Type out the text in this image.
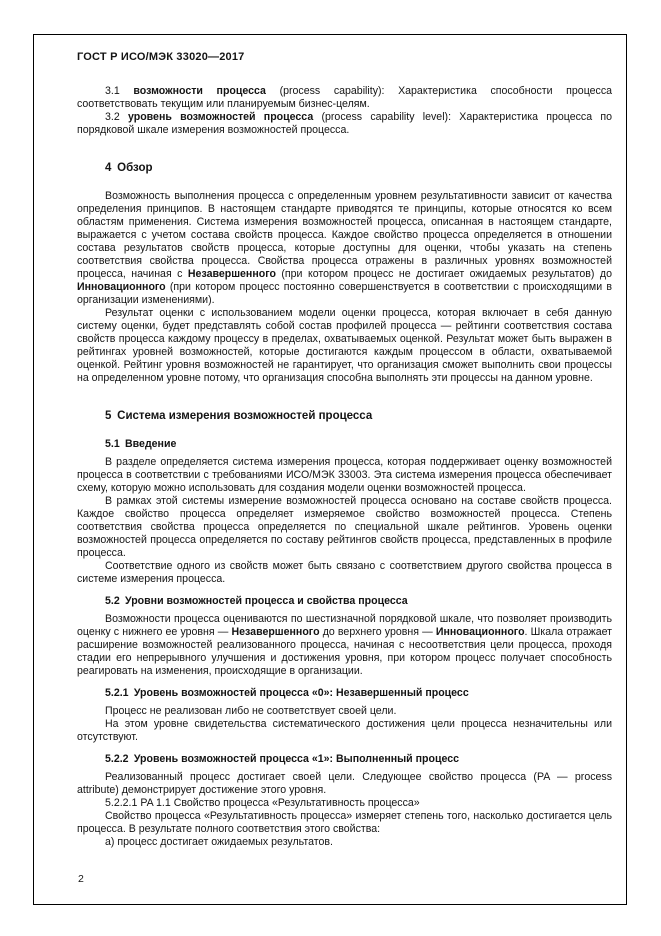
ГОСТ Р ИСО/МЭК 33020—2017

3.1 возможности процесса (process capability): Характеристика способности процесса соответствовать текущим или планируемым бизнес-целям.

3.2 уровень возможностей процесса (process capability level): Характеристика процесса по порядковой шкале измерения возможностей процесса.

4 Обзор

Возможность выполнения процесса с определенным уровнем результативности зависит от качества определения принципов. В настоящем стандарте приводятся те принципы, которые относятся ко всем областям применения. Система измерения возможностей процесса, описанная в настоящем стандарте, выражается с учетом состава свойств процесса. Каждое свойство процесса определяется в отношении состава результатов свойств процесса, которые доступны для оценки, чтобы указать на степень соответствия свойства процесса. Свойства процесса отражены в различных уровнях возможностей процесса, начиная с Незавершенного (при котором процесс не достигает ожидаемых результатов) до Инновационного (при котором процесс постоянно совершенствуется в соответствии с происходящими в организации изменениями).

Результат оценки с использованием модели оценки процесса, которая включает в себя данную систему оценки, будет представлять собой состав профилей процесса — рейтинги соответствия состава свойств процесса каждому процессу в пределах, охватываемых оценкой. Результат может быть выражен в рейтингах уровней возможностей, которые достигаются каждым процессом в области, охватываемой оценкой. Рейтинг уровня возможностей не гарантирует, что организация сможет выполнить свои процессы на определенном уровне потому, что организация способна выполнять эти процессы на данном уровне.

5 Система измерения возможностей процесса
5.1 Введение

В разделе определяется система измерения процесса, которая поддерживает оценку возможностей процесса в соответствии с требованиями ИСО/МЭК 33003. Эта система измерения процесса обеспечивает схему, которую можно использовать для создания модели оценки возможностей процесса.

В рамках этой системы измерение возможностей процесса основано на составе свойств процесса. Каждое свойство процесса определяет измеряемое свойство возможностей процесса. Степень соответствия свойства процесса определяется по специальной шкале рейтингов. Уровень оценки возможностей процесса определяется по составу рейтингов свойств процесса, представленных в профиле процесса.

Соответствие одного из свойств может быть связано с соответствием другого свойства процесса в системе измерения процесса.

5.2 Уровни возможностей процесса и свойства процесса

Возможности процесса оцениваются по шестизначной порядковой шкале, что позволяет производить оценку с нижнего ее уровня — Незавершенного до верхнего уровня — Инновационного. Шкала отражает расширение возможностей реализованного процесса, начиная с несоответствия цели процесса, проходя стадии его непрерывного улучшения и достижения уровня, при котором процесс получает способность реагировать на изменения, происходящие в организации.

5.2.1 Уровень возможностей процесса «0»: Незавершенный процесс

Процесс не реализован либо не соответствует своей цели.

На этом уровне свидетельства систематического достижения цели процесса незначительны или отсутствуют.

5.2.2 Уровень возможностей процесса «1»: Выполненный процесс

Реализованный процесс достигает своей цели. Следующее свойство процесса (PA — process attribute) демонстрирует достижение этого уровня.

5.2.2.1 PA 1.1 Свойство процесса «Результативность процесса»

Свойство процесса «Результативность процесса» измеряет степень того, насколько достигается цель процесса. В результате полного соответствия этого свойства:

а) процесс достигает ожидаемых результатов.

2
